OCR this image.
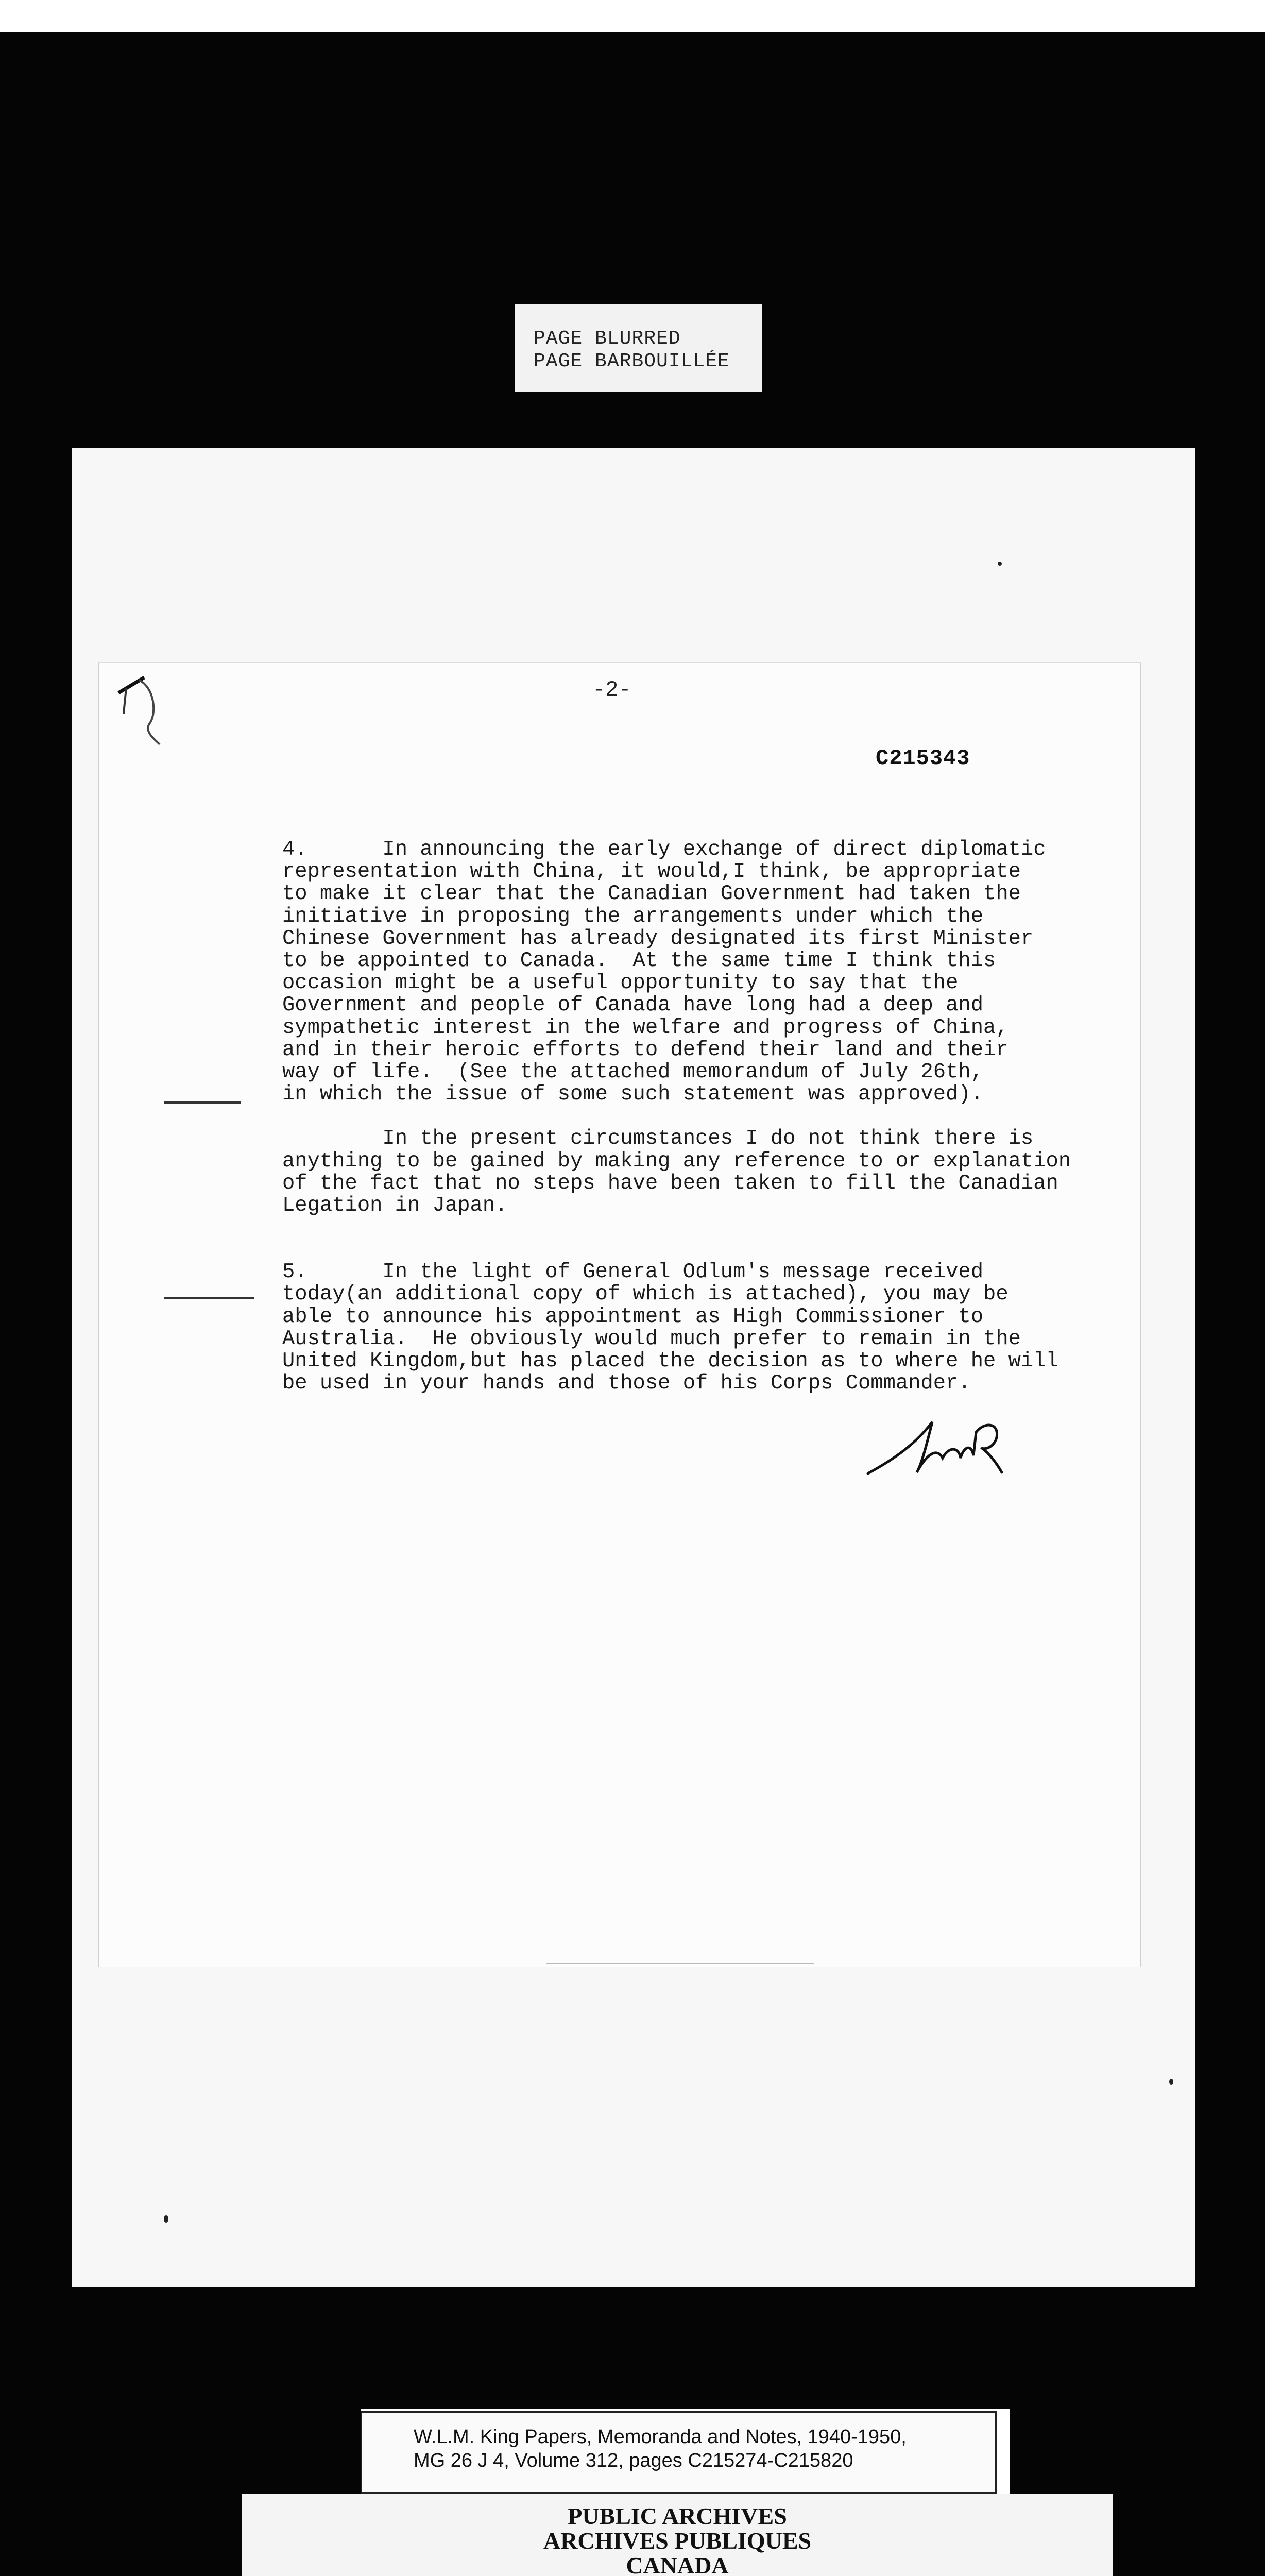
PAGE BLURRED
PAGE BARBOUILLÉE
-2-
C215343

4.      In announcing the early exchange of direct diplomatic
representation with China, it would,I think, be appropriate
to make it clear that the Canadian Government had taken the
initiative in proposing the arrangements under which the
Chinese Government has already designated its first Minister
to be appointed to Canada.  At the same time I think this
occasion might be a useful opportunity to say that the
Government and people of Canada have long had a deep and
sympathetic interest in the welfare and progress of China,
and in their heroic efforts to defend their land and their
way of life.  (See the attached memorandum of July 26th,
in which the issue of some such statement was approved).

In the present circumstances I do not think there is
anything to be gained by making any reference to or explanation
of the fact that no steps have been taken to fill the Canadian
Legation in Japan.

5.      In the light of General Odlum's message received
today(an additional copy of which is attached), you may be
able to announce his appointment as High Commissioner to
Australia.  He obviously would much prefer to remain in the
United Kingdom,but has placed the decision as to where he will
be used in your hands and those of his Corps Commander.

W.L.M. King Papers, Memoranda and Notes, 1940-1950,
MG 26 J 4, Volume 312, pages C215274-C215820
PUBLIC ARCHIVES
ARCHIVES PUBLIQUES
CANADA
